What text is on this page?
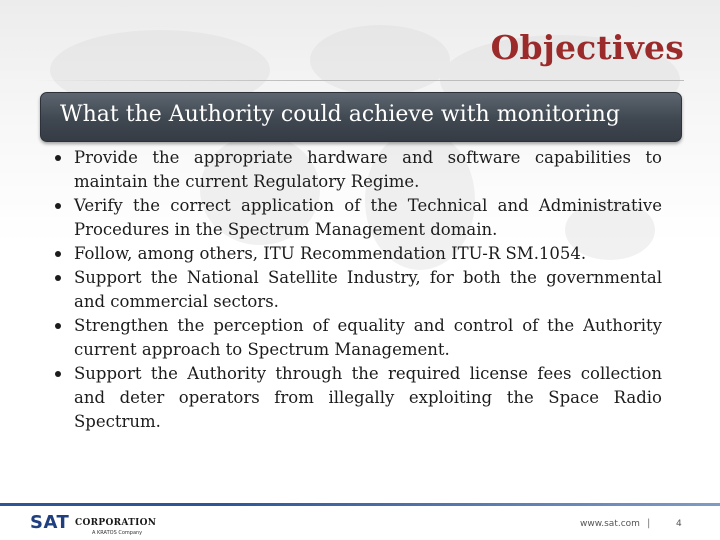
Objectives
What the Authority could achieve with monitoring
Provide the appropriate hardware and software capabilities to maintain the current Regulatory Regime.
Verify the correct application of the Technical and Administrative Procedures in the Spectrum Management domain.
Follow, among others, ITU Recommendation ITU-R SM.1054.
Support the National Satellite Industry, for both the governmental and commercial sectors.
Strengthen the perception of equality and control of the Authority current approach to Spectrum Management.
Support the Authority through the required license fees collection and deter operators from illegally exploiting the Space Radio Spectrum.
SAT CORPORATION
A KRATOS Company
www.sat.com |	4
